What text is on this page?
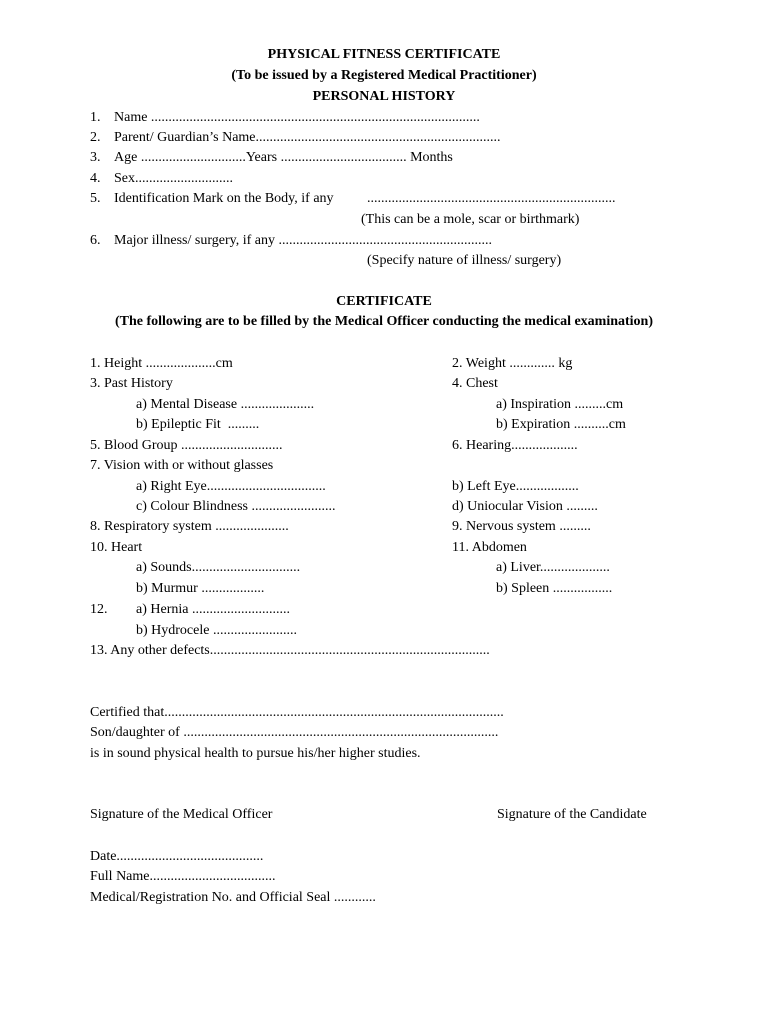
PHYSICAL FITNESS CERTIFICATE
(To be issued by a Registered Medical Practitioner)
PERSONAL HISTORY
1. Name ..............................................................................................
2. Parent/ Guardian’s Name......................................................................
3. Age ..............................Years .................................... Months
4. Sex............................
5. Identification Mark on the Body, if any .......................................................................
(This can be a mole, scar or birthmark)
6. Major illness/ surgery, if any .............................................................
(Specify nature of illness/ surgery)
CERTIFICATE
(The following are to be filled by the Medical Officer conducting the medical examination)
1. Height ....................cm	2. Weight ............. kg
3. Past History	4. Chest
a) Mental Disease .....................	a) Inspiration .........cm
b) Epileptic Fit  .........	b) Expiration ..........cm
5. Blood Group .............................	6. Hearing...................
7. Vision with or without glasses
a) Right Eye..................................	b) Left Eye..................
c) Colour Blindness ........................	d) Uniocular Vision .........
8. Respiratory system .....................	9. Nervous system .........
10. Heart	11. Abdomen
a) Sounds...............................	a) Liver....................
b) Murmur ..................	b) Spleen .................
12. a) Hernia ............................
b) Hydrocele ........................
13. Any other defects................................................................................
Certified that.................................................................................................
Son/daughter of ..........................................................................................
is in sound physical health to pursue his/her higher studies.
Signature of the Medical Officer	Signature of the Candidate
Date..........................................
Full Name....................................
Medical/Registration No. and Official Seal ............
